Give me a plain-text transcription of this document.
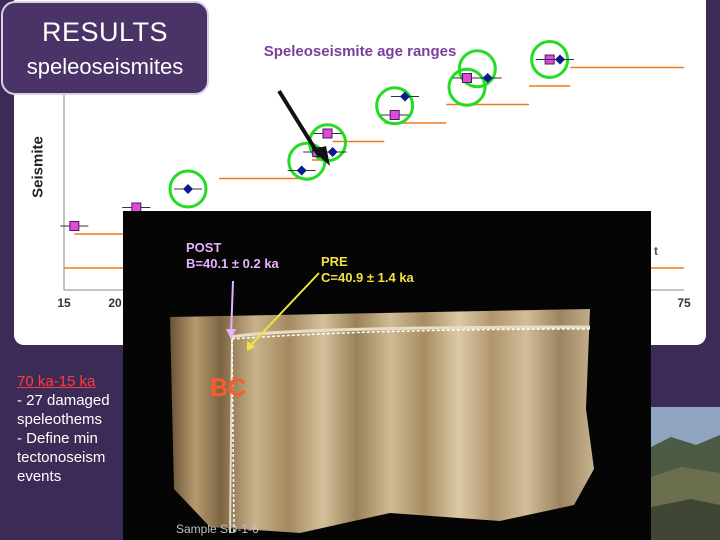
Speleoseismite age ranges
15	20	75
t
Seismite
RESULTS
speleoseismites
70 ka-15 ka
- 27 damaged
speleothems
- Define min
tectonoseism
events
POST
B=40.1 ± 0.2 ka	PRE
C=40.9 ± 1.4 ka
BC
Sample SO-1-6
